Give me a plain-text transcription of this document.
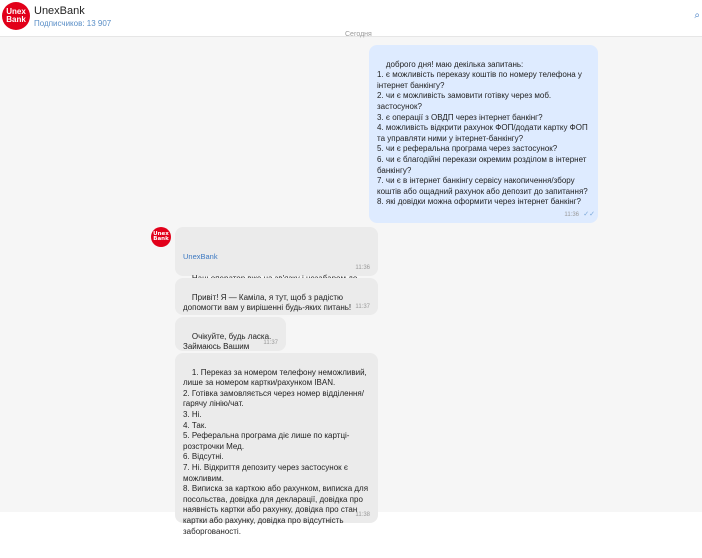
Unex
Bank
UnexBank
Подписчиков: 13 907
⌕
Сегодня

доброго дня! маю декілька запитань:
1. є можливість переказу коштів по номеру телефона у інтернет банкінгу?
2. чи є можливість замовити готівку через моб. застосунок?
3. є операції з ОВДП через інтернет банкінг?
4. можливість відкрити рахунок ФОП/додати картку ФОП та управляти ними у інтернет-банкінгу?
5. чи є реферальна програма через застосунок?
6. чи є благодійні перекази окремим розділом в інтернет банкінгу?
7. чи є в інтернет банкінгу сервісу накопичення/збору коштів або ощадний рахунок або депозит до запитання?
8. які довідки можна оформити через інтернет банкінг?

11:36

✓✓

Unex
Bank

UnexBank

11:36

Привіт! Я — Каміла, я тут, щоб з радістю допомогти вам у вирішенні будь-яких питань!
11:37

Очікуйте, будь ласка.
Займаюсь Вашим
11:37

1. Переказ за номером телефону неможливий, лише за номером картки/рахунком IBAN.
2. Готівка замовляється через номер відділення/гарячу лінію/чат.
3. Ні.
4. Так.
5. Реферальна програма діє лише по картці-розстрочки Мед.
6. Відсутні.
7. Ні. Відкриття депозиту через застосунок є можливим.
8. Виписка за карткою або рахунком, виписка для посольства, довідка для декларації, довідка про наявність картки або рахунку, довідка про стан картки або рахунку, довідка про відсутність заборгованості.

11:38
